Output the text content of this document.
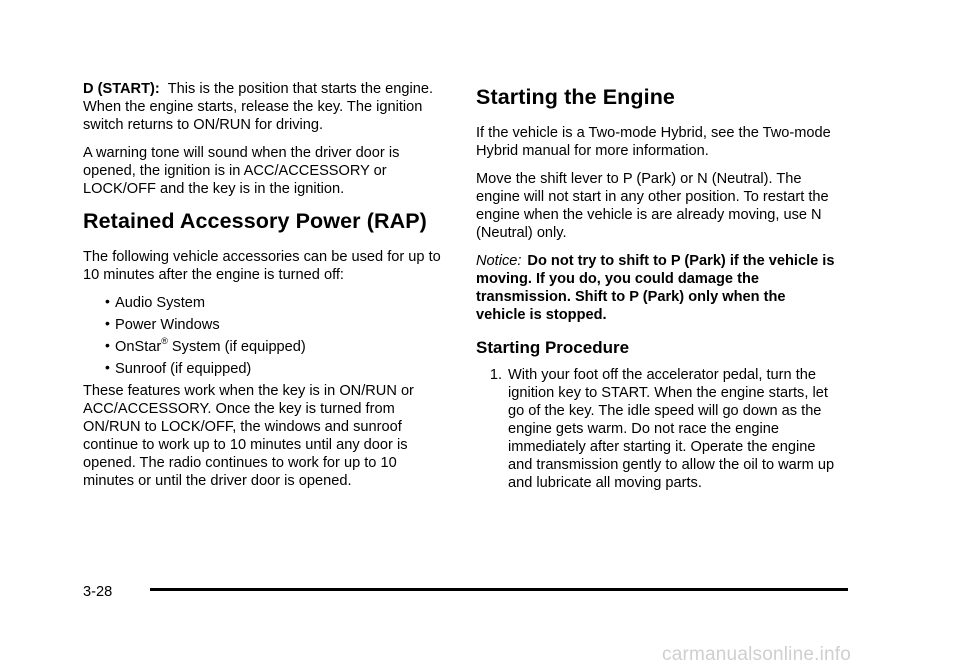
D (START): This is the position that starts the engine. When the engine starts, release the key. The ignition switch returns to ON/RUN for driving.

A warning tone will sound when the driver door is opened, the ignition is in ACC/ACCESSORY or LOCK/OFF and the key is in the ignition.

Retained Accessory Power (RAP)

The following vehicle accessories can be used for up to 10 minutes after the engine is turned off:

• Audio System
• Power Windows
• OnStar® System (if equipped)
• Sunroof (if equipped)

These features work when the key is in ON/RUN or ACC/ACCESSORY. Once the key is turned from ON/RUN to LOCK/OFF, the windows and sunroof continue to work up to 10 minutes until any door is opened. The radio continues to work for up to 10 minutes or until the driver door is opened.

Starting the Engine

If the vehicle is a Two-mode Hybrid, see the Two-mode Hybrid manual for more information.

Move the shift lever to P (Park) or N (Neutral). The engine will not start in any other position. To restart the engine when the vehicle is are already moving, use N (Neutral) only.

Notice: Do not try to shift to P (Park) if the vehicle is moving. If you do, you could damage the transmission. Shift to P (Park) only when the vehicle is stopped.

Starting Procedure
1. With your foot off the accelerator pedal, turn the ignition key to START. When the engine starts, let go of the key. The idle speed will go down as the engine gets warm. Do not race the engine immediately after starting it. Operate the engine and transmission gently to allow the oil to warm up and lubricate all moving parts.
3-28
carmanualsonline.info
